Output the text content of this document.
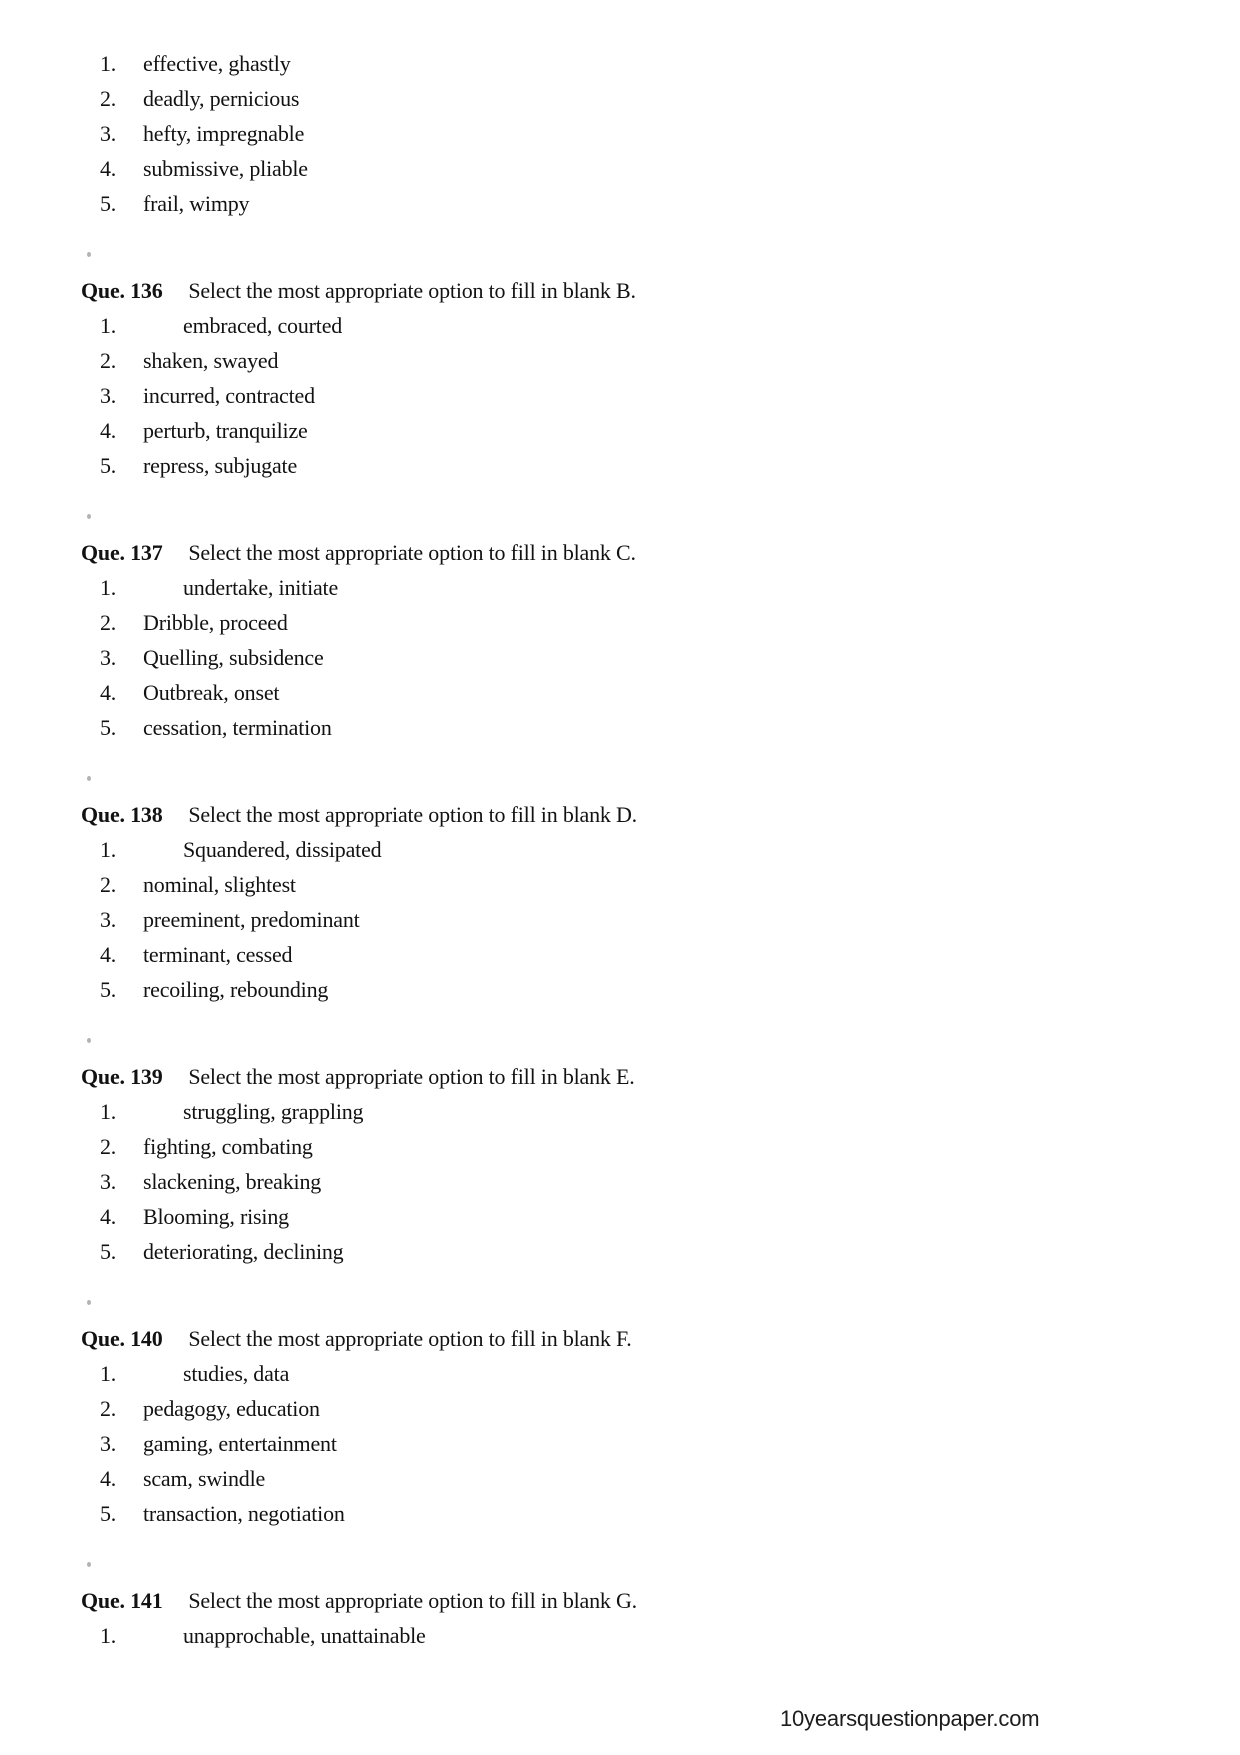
1.	effective, ghastly
2.	deadly, pernicious
3.	hefty, impregnable
4.	submissive, pliable
5.	frail, wimpy
Que. 136 Select the most appropriate option to fill in blank B.
1.	embraced, courted
2.	shaken, swayed
3.	incurred, contracted
4.	perturb, tranquilize
5.	repress, subjugate
Que. 137 Select the most appropriate option to fill in blank C.
1.	undertake, initiate
2.	Dribble, proceed
3.	Quelling, subsidence
4.	Outbreak, onset
5.	cessation, termination
Que. 138 Select the most appropriate option to fill in blank D.
1.	Squandered, dissipated
2.	nominal, slightest
3.	preeminent, predominant
4.	terminant, cessed
5.	recoiling, rebounding
Que. 139 Select the most appropriate option to fill in blank E.
1.	struggling, grappling
2.	fighting, combating
3.	slackening, breaking
4.	Blooming, rising
5.	deteriorating, declining
Que. 140 Select the most appropriate option to fill in blank F.
1.	studies, data
2.	pedagogy, education
3.	gaming, entertainment
4.	scam, swindle
5.	transaction, negotiation
Que. 141 Select the most appropriate option to fill in blank G.
1.	unapprochable, unattainable
10yearsquestionpaper.com
